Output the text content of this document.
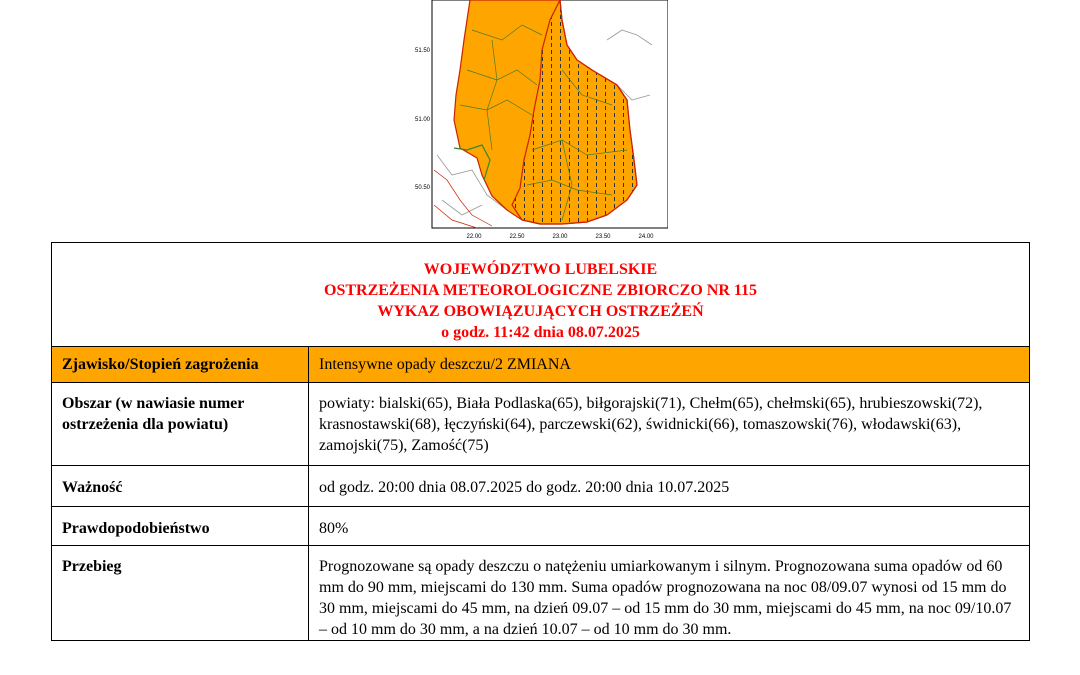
51.50
51.00
50.50
22.00	22.50	23.00	23.50	24.00
WOJEWÓDZTWO LUBELSKIE
OSTRZEŻENIA METEOROLOGICZNE ZBIORCZO NR 115
WYKAZ OBOWIĄZUJĄCYCH OSTRZEŻEŃ
o godz. 11:42 dnia 08.07.2025	

Zjawisko/Stopień zagrożenia	Intensywne opady deszczu/2 ZMIANA
Obszar (w nawiasie numer ostrzeżenia dla powiatu)	powiaty: bialski(65), Biała Podlaska(65), biłgorajski(71), Chełm(65), chełmski(65), hrubieszowski(72), krasnostawski(68), łęczyński(64), parczewski(62), świdnicki(66), tomaszowski(76), włodawski(63), zamojski(75), Zamość(75)
Ważność	od godz. 20:00 dnia 08.07.2025 do godz. 20:00 dnia 10.07.2025
Prawdopodobieństwo	80%
Przebieg	Prognozowane są opady deszczu o natężeniu umiarkowanym i silnym. Prognozowana suma opadów od 60 mm do 90 mm, miejscami do 130 mm. Suma opadów prognozowana na noc 08/09.07 wynosi od 15 mm do 30 mm, miejscami do 45 mm, na dzień 09.07 – od 15 mm do 30 mm, miejscami do 45 mm, na noc 09/10.07 – od 10 mm do 30 mm, a na dzień 10.07 – od 10 mm do 30 mm.
